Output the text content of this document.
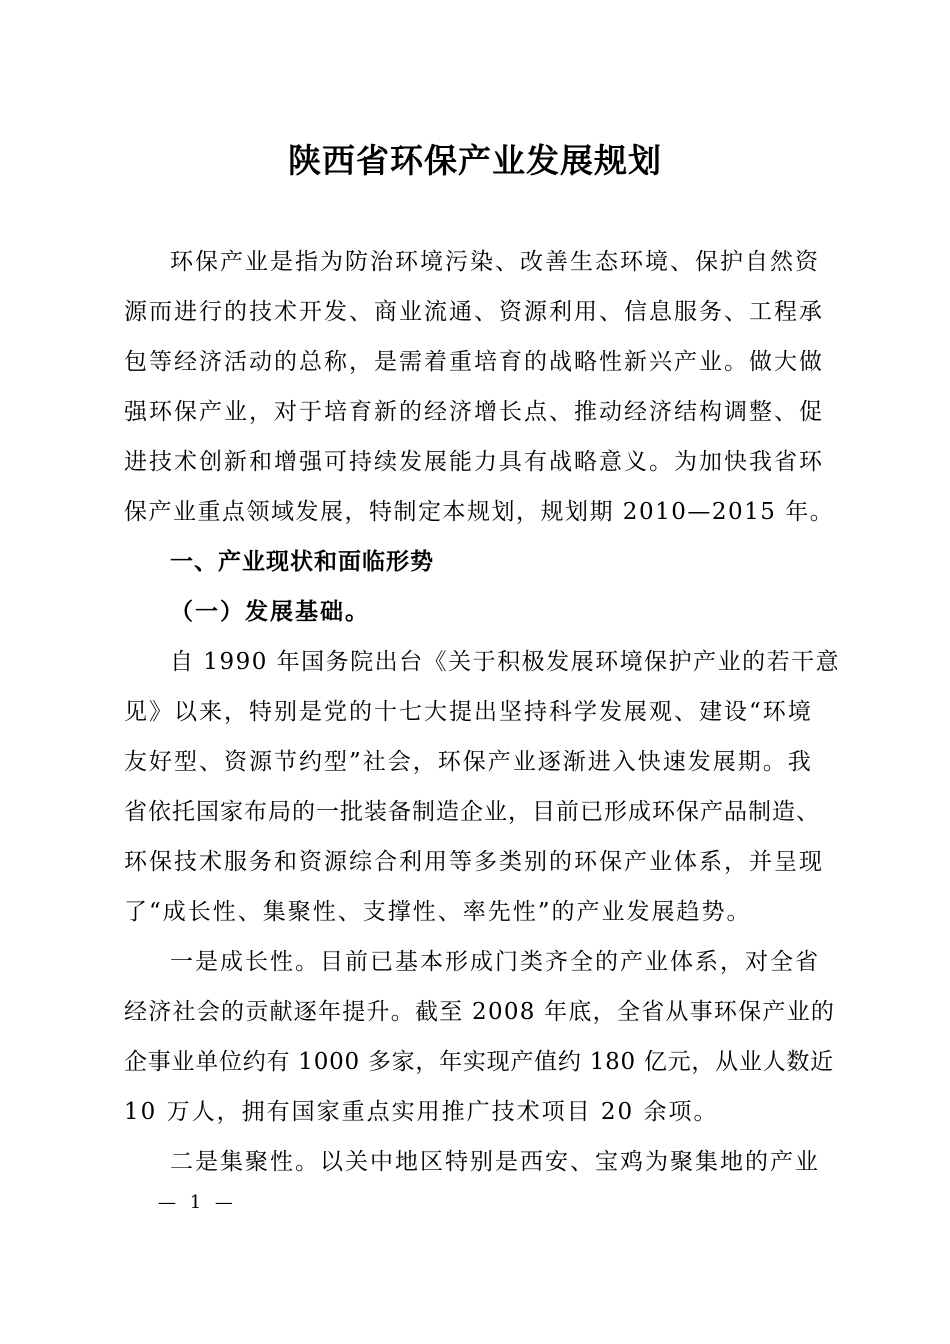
陕西省环保产业发展规划
环保产业是指为防治环境污染、改善生态环境、保护自然资
源而进行的技术开发、商业流通、资源利用、信息服务、工程承
包等经济活动的总称，是需着重培育的战略性新兴产业。做大做
强环保产业，对于培育新的经济增长点、推动经济结构调整、促
进技术创新和增强可持续发展能力具有战略意义。为加快我省环
保产业重点领域发展，特制定本规划，规划期 2010—2015 年。
一、产业现状和面临形势
（一）发展基础。
自 1990 年国务院出台《关于积极发展环境保护产业的若干意
见》以来，特别是党的十七大提出坚持科学发展观、建设“环境
友好型、资源节约型”社会，环保产业逐渐进入快速发展期。我
省依托国家布局的一批装备制造企业，目前已形成环保产品制造、
环保技术服务和资源综合利用等多类别的环保产业体系，并呈现
了“成长性、集聚性、支撑性、率先性”的产业发展趋势。
一是成长性。目前已基本形成门类齐全的产业体系，对全省
经济社会的贡献逐年提升。截至 2008 年底，全省从事环保产业的
企事业单位约有 1000 多家，年实现产值约 180 亿元，从业人数近
10 万人，拥有国家重点实用推广技术项目 20 余项。
二是集聚性。以关中地区特别是西安、宝鸡为聚集地的产业
— 1 —
